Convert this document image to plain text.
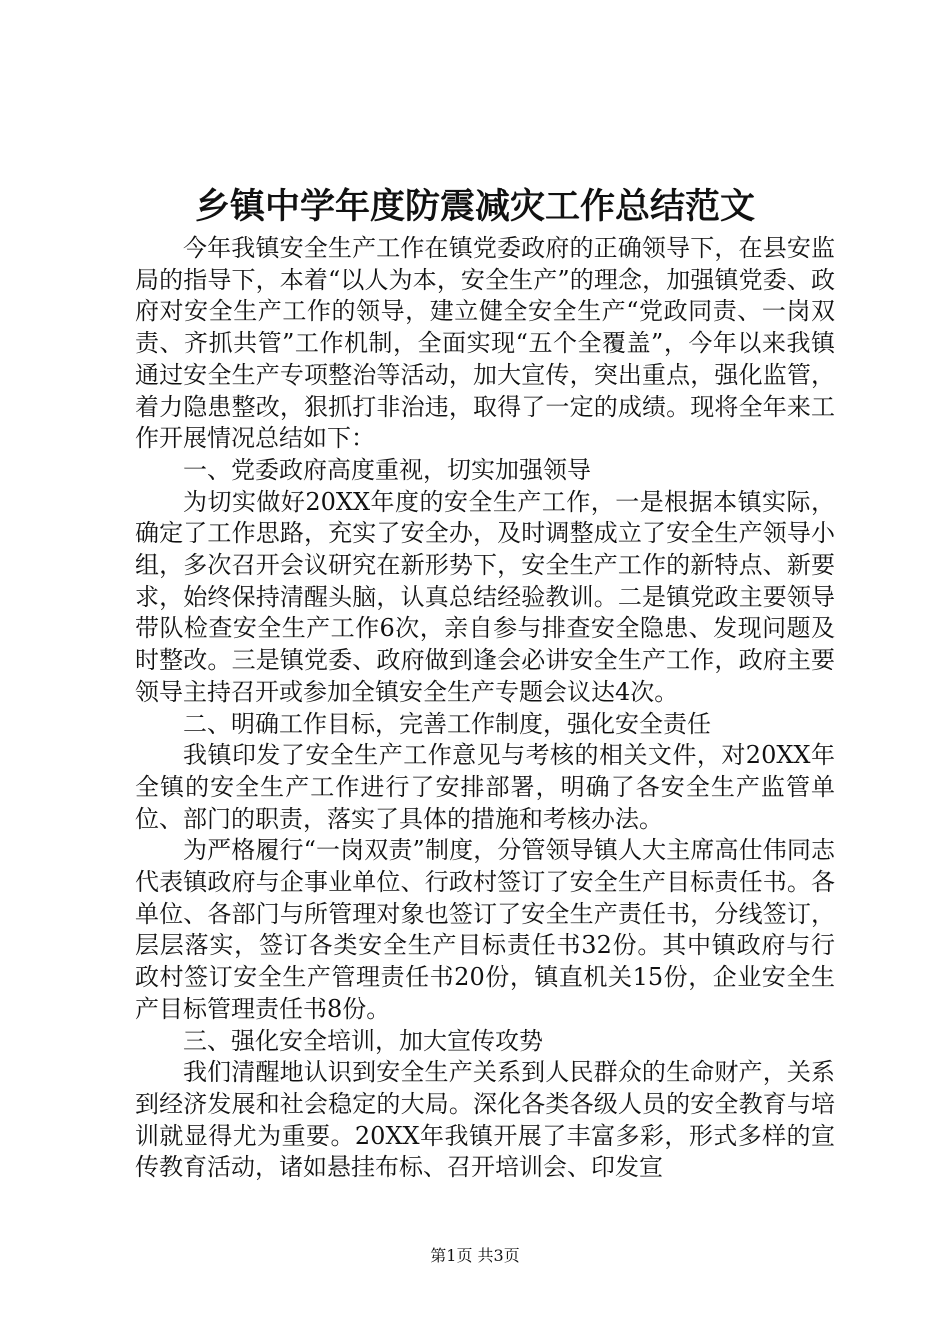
乡镇中学年度防震减灾工作总结范文

今年我镇安全生产工作在镇党委政府的正确领导下，在县安监局的指导下，本着“以人为本，安全生产”的理念，加强镇党委、政府对安全生产工作的领导，建立健全安全生产“党政同责、一岗双责、齐抓共管”工作机制，全面实现“五个全覆盖”，今年以来我镇通过安全生产专项整治等活动，加大宣传，突出重点，强化监管，着力隐患整改，狠抓打非治违，取得了一定的成绩。现将全年来工作开展情况总结如下：

一、党委政府高度重视，切实加强领导

为切实做好20XX年度的安全生产工作，一是根据本镇实际，确定了工作思路，充实了安全办，及时调整成立了安全生产领导小组，多次召开会议研究在新形势下，安全生产工作的新特点、新要求，始终保持清醒头脑，认真总结经验教训。二是镇党政主要领导带队检查安全生产工作6次，亲自参与排查安全隐患、发现问题及时整改。三是镇党委、政府做到逢会必讲安全生产工作，政府主要领导主持召开或参加全镇安全生产专题会议达4次。

二、明确工作目标，完善工作制度，强化安全责任

我镇印发了安全生产工作意见与考核的相关文件，对20XX年全镇的安全生产工作进行了安排部署，明确了各安全生产监管单位、部门的职责，落实了具体的措施和考核办法。

为严格履行“一岗双责”制度，分管领导镇人大主席高仕伟同志代表镇政府与企事业单位、行政村签订了安全生产目标责任书。各单位、各部门与所管理对象也签订了安全生产责任书，分线签订，层层落实，签订各类安全生产目标责任书32份。其中镇政府与行政村签订安全生产管理责任书20份，镇直机关15份，企业安全生产目标管理责任书8份。

三、强化安全培训，加大宣传攻势

我们清醒地认识到安全生产关系到人民群众的生命财产，关系到经济发展和社会稳定的大局。深化各类各级人员的安全教育与培训就显得尤为重要。20XX年我镇开展了丰富多彩，形式多样的宣传教育活动，诸如悬挂布标、召开培训会、印发宣

第1页 共3页
